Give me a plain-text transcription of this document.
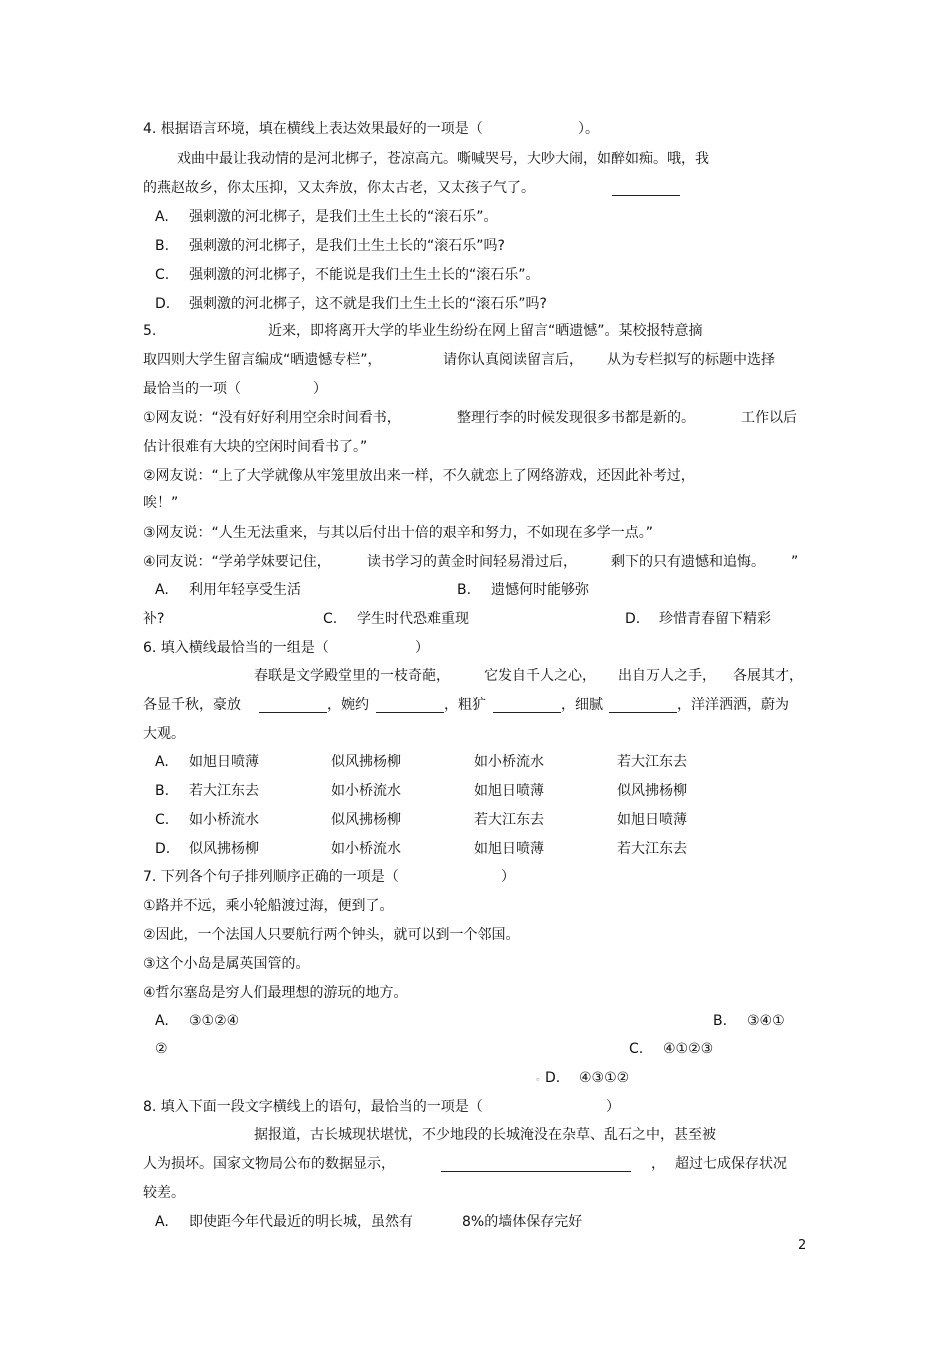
4. 根据语言环境，填在横线上表达效果最好的一项是（	）。
戏曲中最让我动情的是河北梆子，苍凉高亢。嘶喊哭号，大吵大闹，如醉如痴。哦，我
的燕赵故乡，你太压抑，又太奔放，你太古老，又太孩子气了。
A. 强刺激的河北梆子，是我们土生土长的“滚石乐”。
B. 强刺激的河北梆子，是我们土生土长的“滚石乐”吗?
C. 强刺激的河北梆子，不能说是我们土生土长的“滚石乐”。
D. 强刺激的河北梆子，这不就是我们土生土长的“滚石乐”吗?
5.	近来，即将离开大学的毕业生纷纷在网上留言“晒遗憾”。某校报特意摘
取四则大学生留言编成“晒遗憾专栏”，	请你认真阅读留言后， 从为专栏拟写的标题中选择
最恰当的一项（	）
①网友说：“没有好好利用空余时间看书，	整理行李的时候发现很多书都是新的。	工作以后
估计很难有大块的空闲时间看书了。”
②网友说：“上了大学就像从牢笼里放出来一样，不久就恋上了网络游戏，还因此补考过，
唉！”
③网友说：“人生无法重来，与其以后付出十倍的艰辛和努力，不如现在多学一点。”
④同友说：“学弟学妹要记住，	读书学习的黄金时间轻易滑过后， 剩下的只有遗憾和追悔。 ”
A. 利用年轻享受生活	B. 遗憾何时能够弥
补?	C. 学生时代恐难重现	D. 珍惜青春留下精彩
6. 填入横线最恰当的一组是（	）
春联是文学殿堂里的一枝奇葩， 它发自千人之心， 出自万人之手， 各展其才，
各显千秋，豪放	，婉约	，粗犷	，细腻	，洋洋洒洒，蔚为
大观。
A. 如旭日喷薄	似风拂杨柳	如小桥流水	若大江东去
B. 若大江东去	如小桥流水	如旭日喷薄	似风拂杨柳
C. 如小桥流水	似风拂杨柳	若大江东去	如旭日喷薄
D. 似风拂杨柳	如小桥流水	如旭日喷薄	若大江东去
7. 下列各个句子排列顺序正确的一项是（	）
①路并不远，乘小轮船渡过海，便到了。
②因此，一个法国人只要航行两个钟头，就可以到一个邻国。
③这个小岛是属英国管的。
④哲尔塞岛是穷人们最理想的游玩的地方。
A. ③①②④	B. ③④①
②	C. ④①②③
。 D. ④③①②
8. 填入下面一段文字横线上的语句，最恰当的一项是（	）
据报道，古长城现状堪忧，不少地段的长城淹没在杂草、乱石之中，甚至被
人为损坏。国家文物局公布的数据显示，	， 超过七成保存状况
较差。
A. 即使距今年代最近的明长城，虽然有	8%的墙体保存完好
2
